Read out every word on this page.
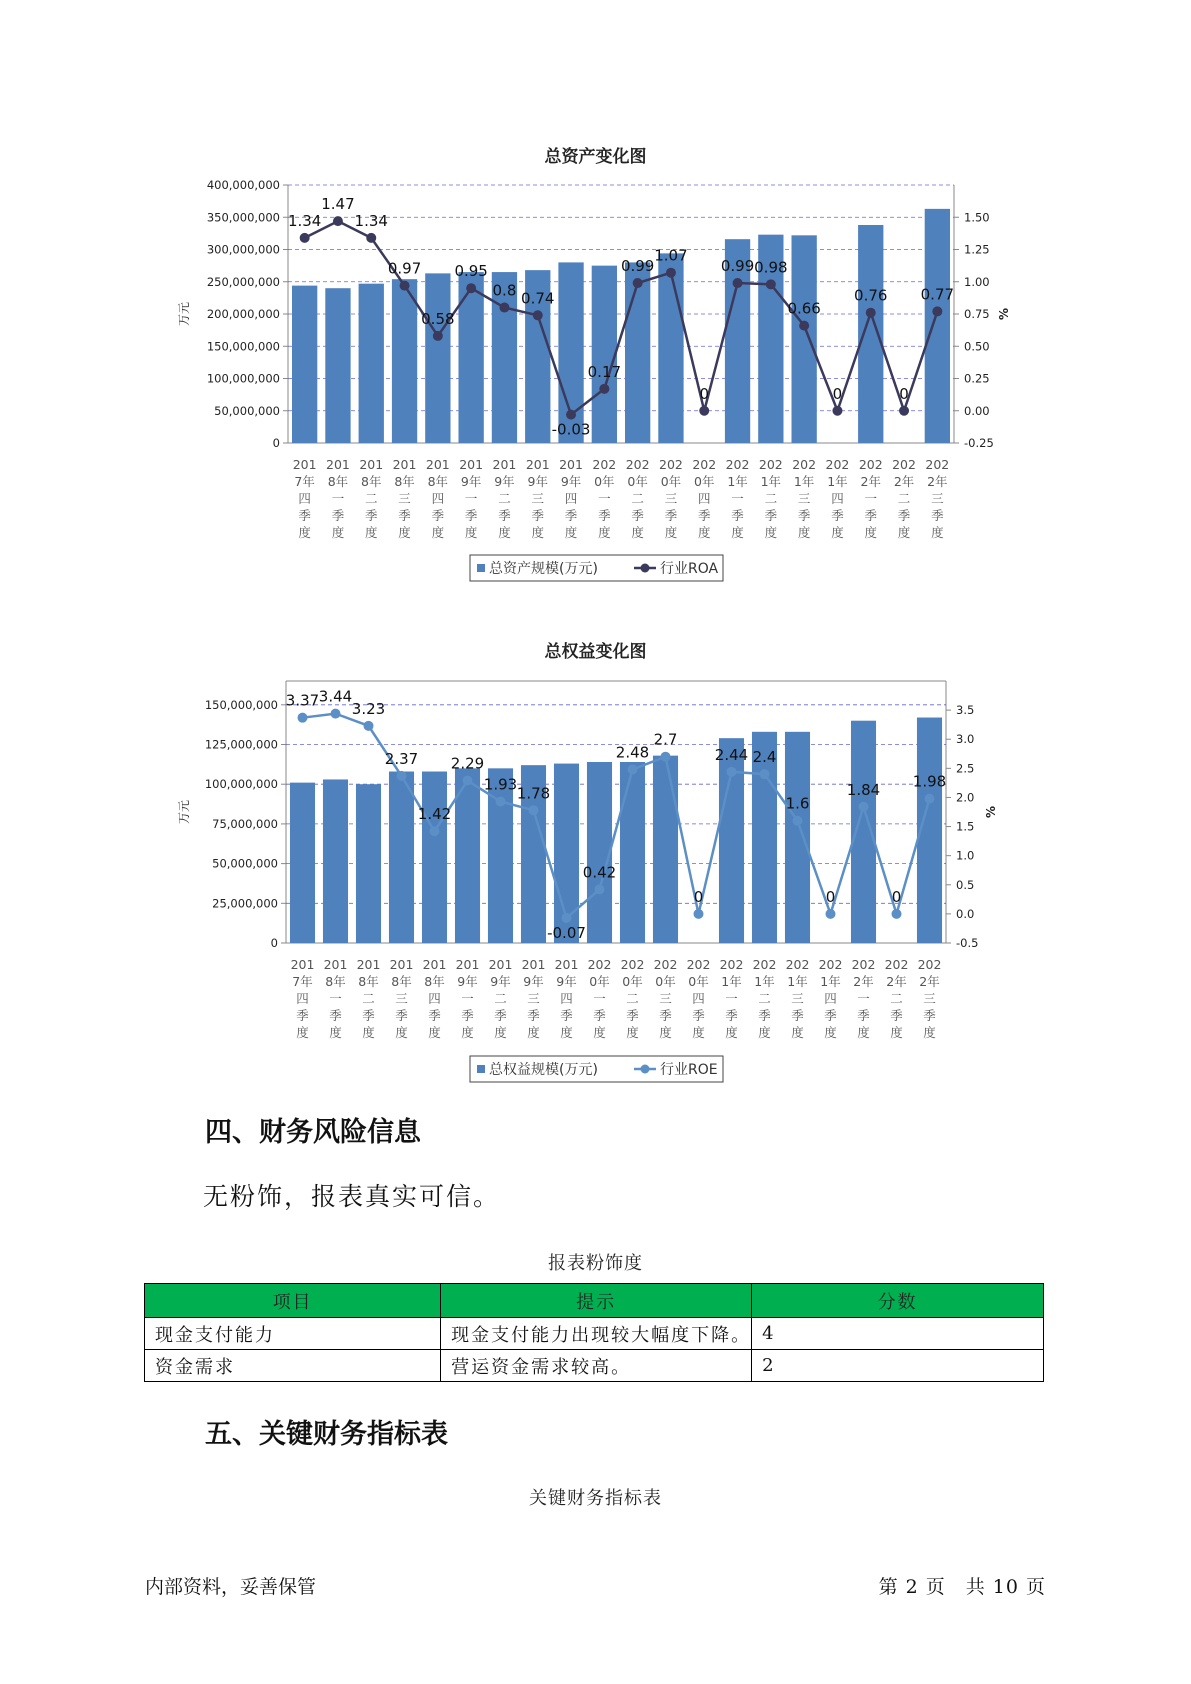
总资产变化图
400,000,000
350,000,000
300,000,000
250,000,000
200,000,000
150,000,000
100,000,000
50,000,000
0
1.50
1.25
1.00
0.75
0.50
0.25
0.00
-0.25
万元	%
1.34
1.47
1.34
0.97
0.58
0.95
0.8 0.74
-0.03
0.17
0.99
1.07
0
0.99 0.98
0.66
0
0.76
0
0.77
201
7年
四
季
度
201
8年
一
季
度
201
8年
二
季
度
201
8年
三
季
度
201
8年
四
季
度
201
9年
一
季
度
201
9年
二
季
度
201
9年
三
季
度
201
9年
四
季
度
202
0年
一
季
度
202
0年
二
季
度
202
0年
三
季
度
202
0年
四
季
度
202
1年
一
季
度
202
1年
二
季
度
202
1年
三
季
度
202
1年
四
季
度
202
2年
一
季
度
202
2年
二
季
度
202
2年
三
季
度
总资产规模(万元)	行业ROA
总权益变化图
150,000,000
125,000,000
100,000,000
75,000,000
50,000,000
25,000,000
0
3.5
3.0
2.5
2.0
1.5
1.0
0.5
0.0
-0.5
万元	%
3.37 3.44
3.23
2.37
1.42
2.29
1.93 1.78
-0.07
0.42
2.48
2.7
0
2.44 2.4
1.6
0
1.84
0
1.98
201
7年
四
季
度
201
8年
一
季
度
201
8年
二
季
度
201
8年
三
季
度
201
8年
四
季
度
201
9年
一
季
度
201
9年
二
季
度
201
9年
三
季
度
201
9年
四
季
度
202
0年
一
季
度
202
0年
二
季
度
202
0年
三
季
度
202
0年
四
季
度
202
1年
一
季
度
202
1年
二
季
度
202
1年
三
季
度
202
1年
四
季
度
202
2年
一
季
度
202
2年
二
季
度
202
2年
三
季
度
总权益规模(万元)	行业ROE
四、财务风险信息
无粉饰，报表真实可信。
报表粉饰度
项目	提示	分数
现金支付能力	现金支付能力出现较大幅度下降。	4
资金需求	营运资金需求较高。	2
五、关键财务指标表
关键财务指标表
内部资料，妥善保管	第 2 页　共 10 页
